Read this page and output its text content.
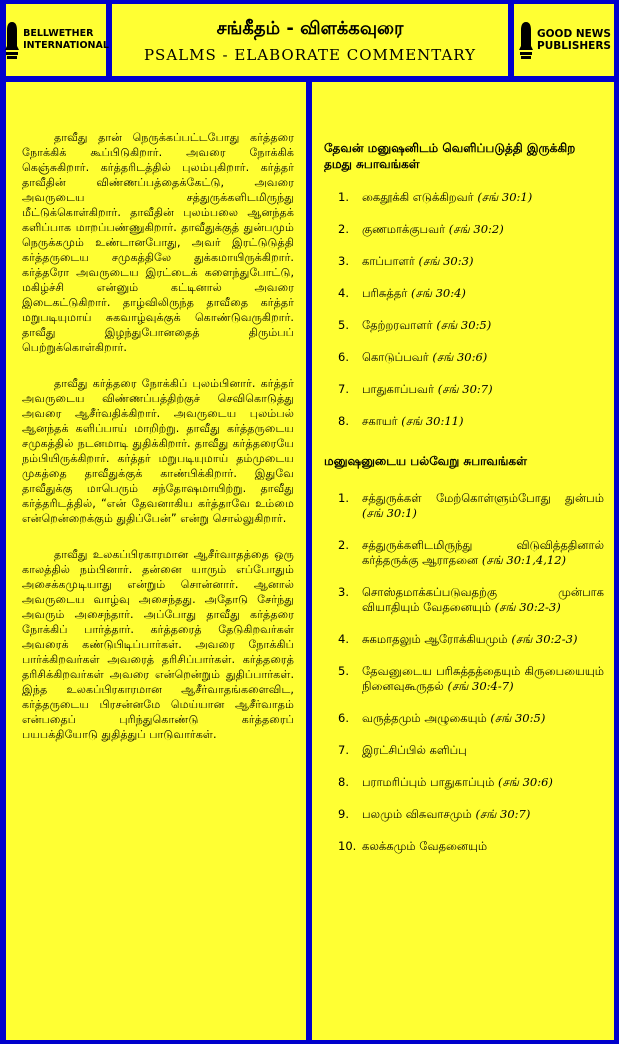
BELLWETHER
INTERNATIONAL
சங்கீதம் - விளக்கவுரை
PSALMS - ELABORATE COMMENTARY
GOOD NEWS
PUBLISHERS

தாவீது தான் நெருக்கப்பட்டபோது கர்த்தரை நோக்கிக் கூப்பிடுகிறார். அவரை நோக்கிக் கெஞ்சுகிறார். கர்த்தரிடத்தில் புலம்புகிறார். கர்த்தர் தாவீதின் விண்ணப்பத்தைக்கேட்டு, அவரை அவருடைய சத்துருக்களிடமிருந்து மீட்டுக்கொள்கிறார். தாவீதின் புலம்பலை ஆனந்தக் களிப்பாக மாறப்பண்ணுகிறார். தாவீதுக்குத் துன்பமும் நெருக்கமும் உண்டானபோது, அவர் இரட்டுடுத்தி கர்த்தருடைய சமுகத்திலே துக்கமாயிருக்கிறார். கர்த்தரோ அவருடைய இரட்டைக் களைந்துபோட்டு, மகிழ்ச்சி என்னும் கட்டினால் அவரை இடைகட்டுகிறார். தாழ்விலிருந்த தாவீதை கர்த்தர் மறுபடியுமாய் சுகவாழ்வுக்குக் கொண்டுவருகிறார். தாவீது இழந்துபோனதைத் திரும்பப் பெற்றுக்கொள்கிறார்.

தாவீது கர்த்தரை நோக்கிப் புலம்பினார். கர்த்தர் அவருடைய விண்ணப்பத்திற்குச் செவிகொடுத்து அவரை ஆசீர்வதிக்கிறார். அவருடைய புலம்பல் ஆனந்தக் களிப்பாய் மாறிற்று. தாவீது கர்த்தருடைய சமுகத்தில் நடனமாடி துதிக்கிறார். தாவீது கர்த்தரையே நம்பியிருக்கிறார். கர்த்தர் மறுபடியுமாய் தம்முடைய முகத்தை தாவீதுக்குக் காண்பிக்கிறார். இதுவே தாவீதுக்கு மாபெரும் சந்தோஷமாயிற்று. தாவீது கர்த்தரிடத்தில், “என் தேவனாகிய கர்த்தாவே உம்மை என்றென்றைக்கும் துதிப்பேன்” என்று சொல்லுகிறார்.

தாவீது உலகப்பிரகாரமான ஆசீர்வாதத்தை ஒரு காலத்தில் நம்பினார். தன்னை யாரும் எப்போதும் அசைக்கமுடியாது என்றும் சொன்னார். ஆனால் அவருடைய வாழ்வு அசைந்தது. அதோடு சேர்ந்து அவரும் அசைந்தார். அப்போது தாவீது கர்த்தரை நோக்கிப் பார்த்தார். கர்த்தரைத் தேடுகிறவர்கள் அவரைக் கண்டுபிடிப்பார்கள். அவரை நோக்கிப் பார்க்கிறவர்கள் அவரைத் தரிசிப்பார்கள். கர்த்தரைத் தரிசிக்கிறவர்கள் அவரை என்றென்றும் துதிப்பார்கள். இந்த உலகப்பிரகாரமான ஆசீர்வாதங்களைவிட, கர்த்தருடைய பிரசன்னமே மெய்யான ஆசீர்வாதம் என்பதைப் புரிந்துகொண்டு கர்த்தரைப் பயபக்தியோடு துதித்துப் பாடுவார்கள்.

தேவன் மனுஷனிடம் வெளிப்படுத்தி இருக்கிற தமது சுபாவங்கள்
1.	கைதூக்கி எடுக்கிறவர் (சங் 30:1)
2.	குணமாக்குபவர் (சங் 30:2)
3.	காப்பாளர் (சங் 30:3)
4.	பரிசுத்தர் (சங் 30:4)
5.	தேற்றரவாளர் (சங் 30:5)
6.	கொடுப்பவர் (சங் 30:6)
7.	பாதுகாப்பவர் (சங் 30:7)
8.	சகாயர் (சங் 30:11)
மனுஷனுடைய பல்வேறு சுபாவங்கள்
1.	சத்துருக்கள் மேற்கொள்ளும்போது துன்பம் (சங் 30:1)
2.	சத்துருக்களிடமிருந்து விடுவித்ததினால் கர்த்தருக்கு ஆராதனை (சங் 30:1,4,12)
3.	சொஸ்தமாக்கப்படுவதற்கு முன்பாக வியாதியும் வேதனையும் (சங் 30:2-3)
4.	சுகமாதலும் ஆரோக்கியமும் (சங் 30:2-3)
5.	தேவனுடைய பரிசுத்தத்தையும் கிருபையையும் நினைவுகூருதல் (சங் 30:4-7)
6.	வருத்தமும் அழுகையும் (சங் 30:5)
7.	இரட்சிப்பில் களிப்பு
8.	பராமரிப்பும் பாதுகாப்பும் (சங் 30:6)
9.	பலமும் விசுவாசமும் (சங் 30:7)
10. கலக்கமும் வேதனையும்
